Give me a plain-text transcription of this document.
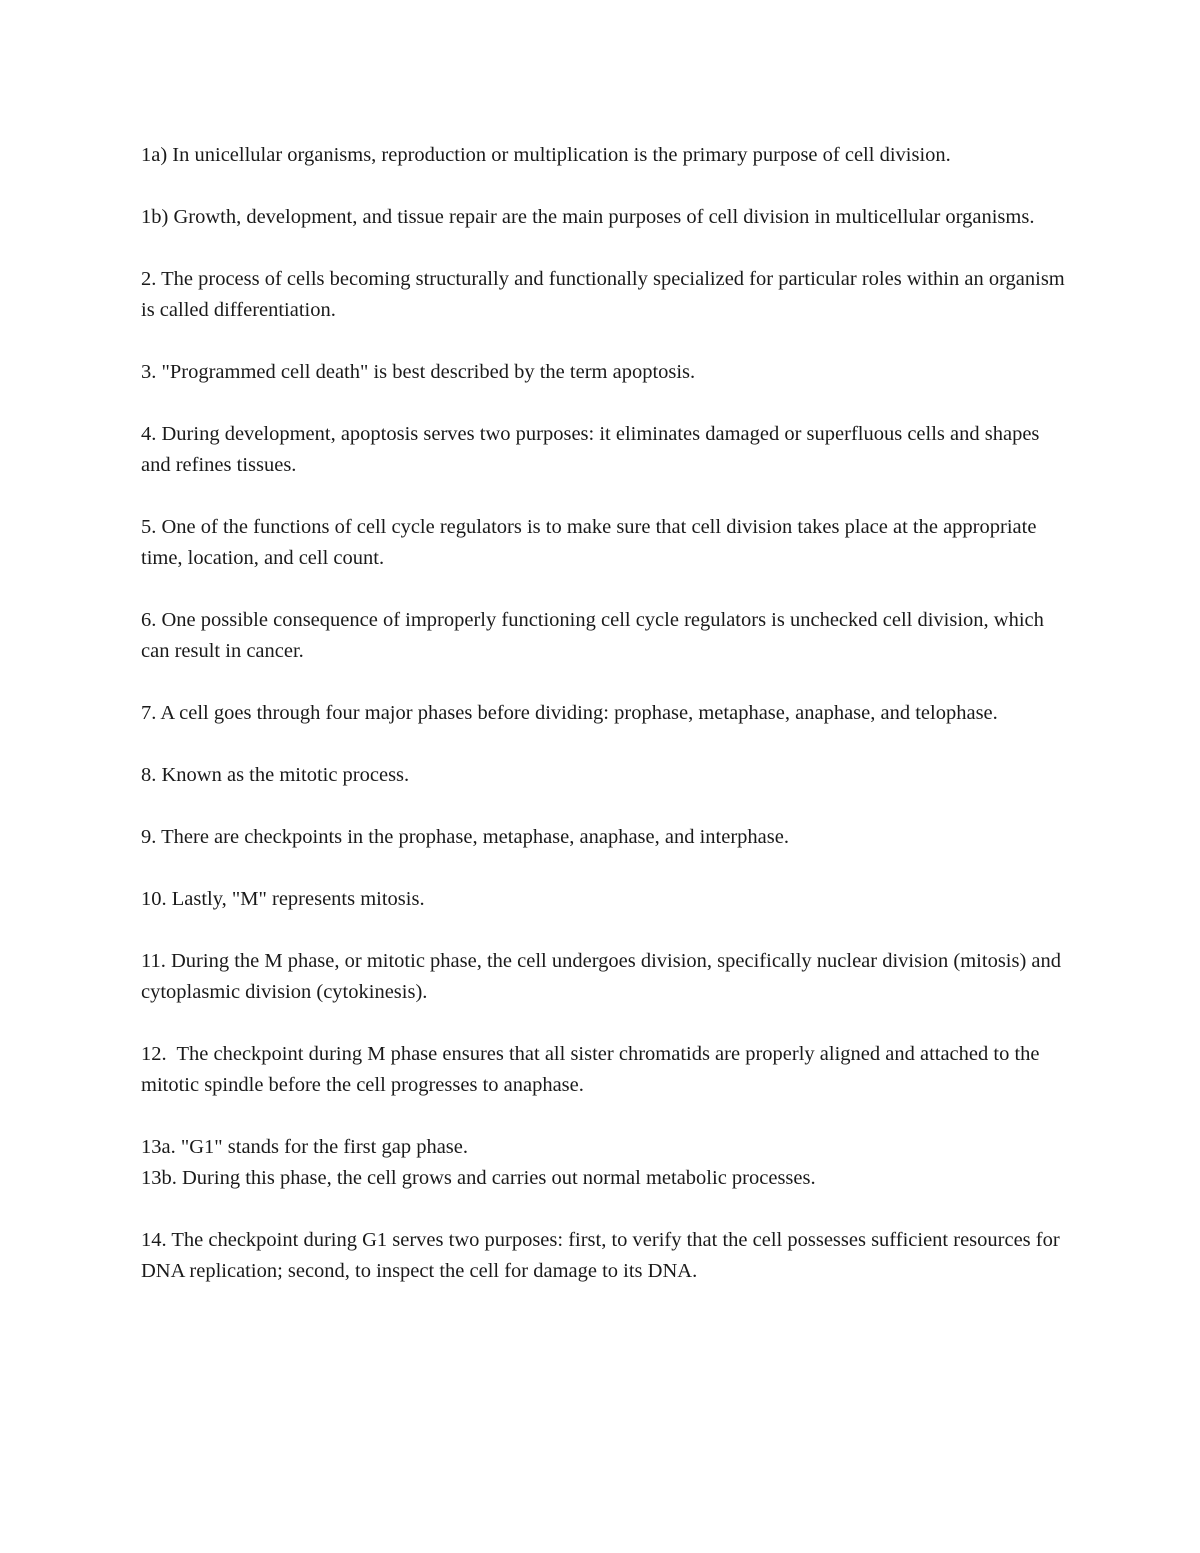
1a) In unicellular organisms, reproduction or multiplication is the primary purpose of cell division.

1b) Growth, development, and tissue repair are the main purposes of cell division in multicellular organisms.

2. The process of cells becoming structurally and functionally specialized for particular roles within an organism is called differentiation.

3. "Programmed cell death" is best described by the term apoptosis.

4. During development, apoptosis serves two purposes: it eliminates damaged or superfluous cells and shapes and refines tissues.

5. One of the functions of cell cycle regulators is to make sure that cell division takes place at the appropriate time, location, and cell count.

6. One possible consequence of improperly functioning cell cycle regulators is unchecked cell division, which can result in cancer.

7. A cell goes through four major phases before dividing: prophase, metaphase, anaphase, and telophase.

8. Known as the mitotic process.

9. There are checkpoints in the prophase, metaphase, anaphase, and interphase.

10. Lastly, "M" represents mitosis.

11. During the M phase, or mitotic phase, the cell undergoes division, specifically nuclear division (mitosis) and cytoplasmic division (cytokinesis).

12.  The checkpoint during M phase ensures that all sister chromatids are properly aligned and attached to the mitotic spindle before the cell progresses to anaphase.

13a. "G1" stands for the first gap phase.

13b. During this phase, the cell grows and carries out normal metabolic processes.

14. The checkpoint during G1 serves two purposes: first, to verify that the cell possesses sufficient resources for DNA replication; second, to inspect the cell for damage to its DNA.
